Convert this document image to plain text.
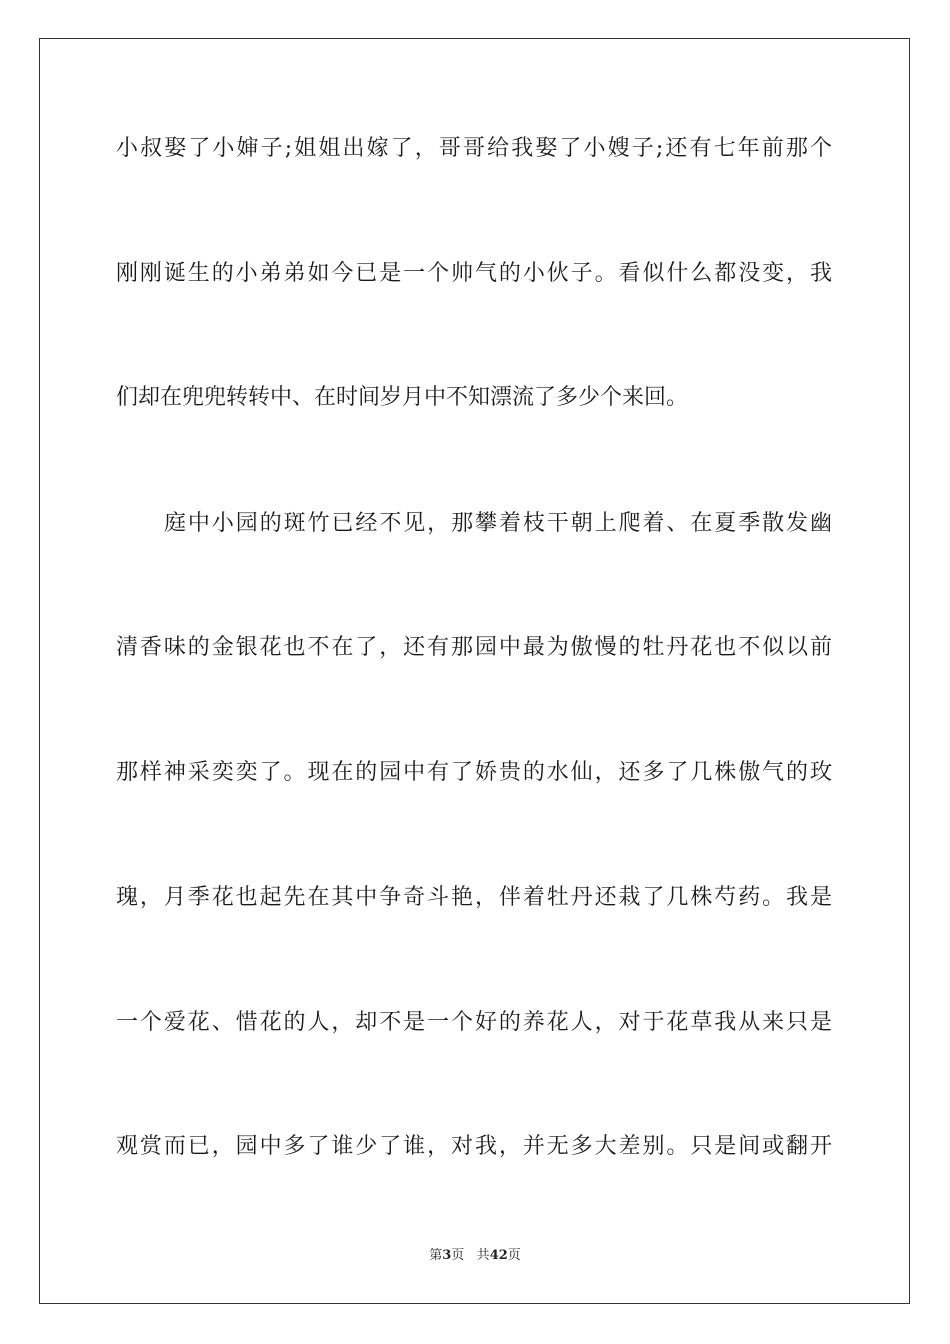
小叔娶了小婶子;姐姐出嫁了，哥哥给我娶了小嫂子;还有七年前那个
刚刚诞生的小弟弟如今已是一个帅气的小伙子。看似什么都没变，我
们却在兜兜转转中、在时间岁月中不知漂流了多少个来回。
庭中小园的斑竹已经不见，那攀着枝干朝上爬着、在夏季散发幽
清香味的金银花也不在了，还有那园中最为傲慢的牡丹花也不似以前
那样神采奕奕了。现在的园中有了娇贵的水仙，还多了几株傲气的玫
瑰，月季花也起先在其中争奇斗艳，伴着牡丹还栽了几株芍药。我是
一个爱花、惜花的人，却不是一个好的养花人，对于花草我从来只是
观赏而已，园中多了谁少了谁，对我，并无多大差别。只是间或翻开
第3页 共42页
